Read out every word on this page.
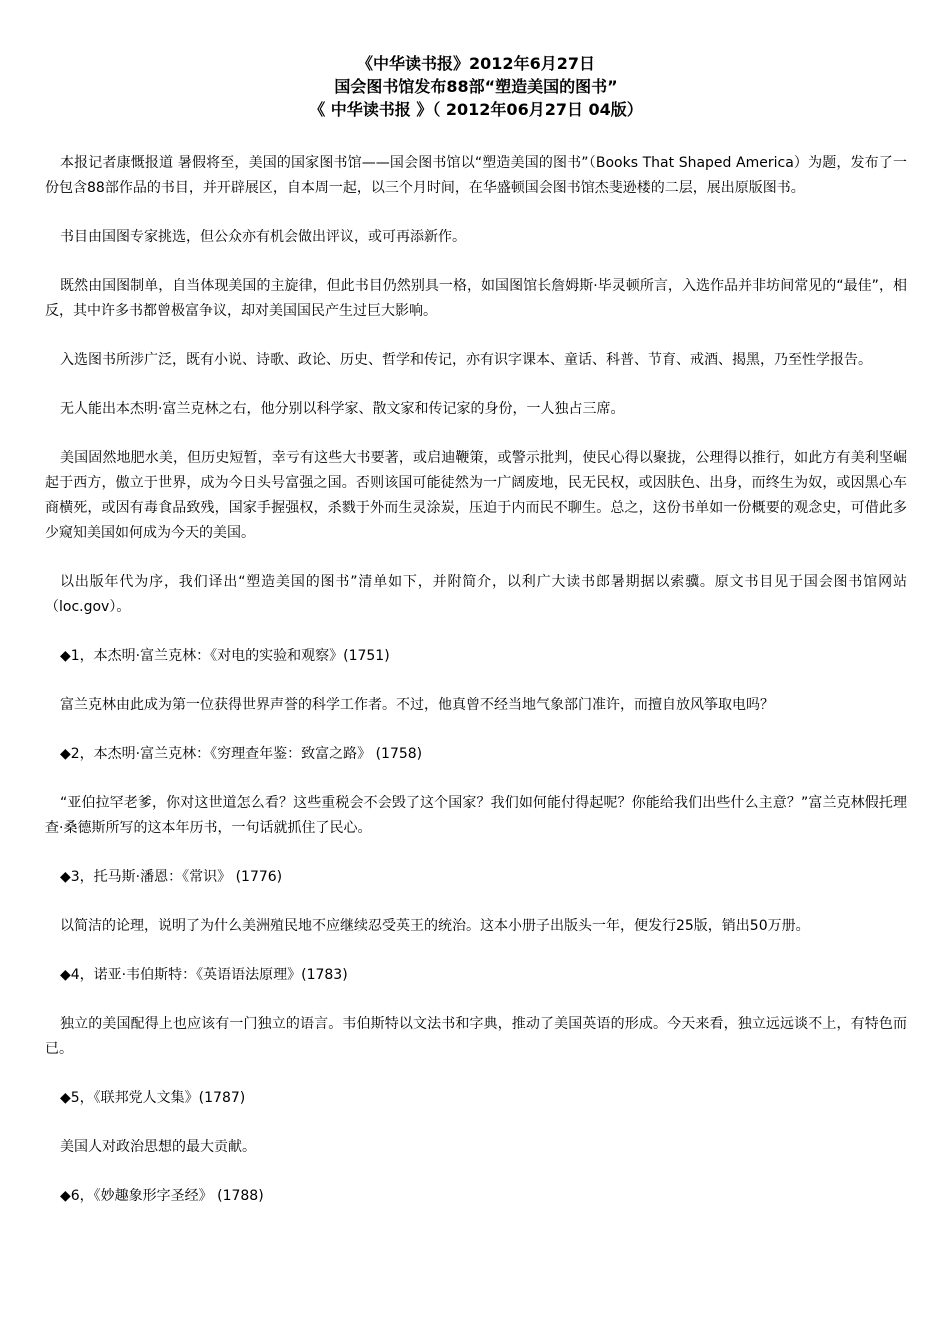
《中华读书报》2012年6月27日

国会图书馆发布88部“塑造美国的图书”

《 中华读书报 》（ 2012年06月27日 04版）

本报记者康慨报道 暑假将至，美国的国家图书馆——国会图书馆以“塑造美国的图书”（Books That Shaped America）为题，发布了一份包含88部作品的书目，并开辟展区，自本周一起，以三个月时间，在华盛顿国会图书馆杰斐逊楼的二层，展出原版图书。

书目由国图专家挑选，但公众亦有机会做出评议，或可再添新作。

既然由国图制单，自当体现美国的主旋律，但此书目仍然别具一格，如国图馆长詹姆斯·毕灵顿所言，入选作品并非坊间常见的“最佳”，相反，其中许多书都曾极富争议，却对美国国民产生过巨大影响。

入选图书所涉广泛，既有小说、诗歌、政论、历史、哲学和传记，亦有识字课本、童话、科普、节育、戒酒、揭黑，乃至性学报告。

无人能出本杰明·富兰克林之右，他分别以科学家、散文家和传记家的身份，一人独占三席。

美国固然地肥水美，但历史短暂，幸亏有这些大书要著，或启迪鞭策，或警示批判，使民心得以聚拢，公理得以推行，如此方有美利坚崛起于西方，傲立于世界，成为今日头号富强之国。否则该国可能徒然为一广阔废地，民无民权，或因肤色、出身，而终生为奴，或因黑心车商横死，或因有毒食品致残，国家手握强权，杀戮于外而生灵涂炭，压迫于内而民不聊生。总之，这份书单如一份概要的观念史，可借此多少窥知美国如何成为今天的美国。

以出版年代为序，我们译出“塑造美国的图书”清单如下，并附简介，以利广大读书郎暑期据以索骥。原文书目见于国会图书馆网站（loc.gov）。

◆1，本杰明·富兰克林：《对电的实验和观察》(1751)

富兰克林由此成为第一位获得世界声誉的科学工作者。不过，他真曾不经当地气象部门准许，而擅自放风筝取电吗？

◆2，本杰明·富兰克林：《穷理查年鉴：致富之路》 (1758)

“亚伯拉罕老爹，你对这世道怎么看？这些重税会不会毁了这个国家？我们如何能付得起呢？你能给我们出些什么主意？”富兰克林假托理查·桑德斯所写的这本年历书，一句话就抓住了民心。

◆3，托马斯·潘恩：《常识》 (1776)

以简洁的论理，说明了为什么美洲殖民地不应继续忍受英王的统治。这本小册子出版头一年，便发行25版，销出50万册。

◆4，诺亚·韦伯斯特：《英语语法原理》(1783)

独立的美国配得上也应该有一门独立的语言。韦伯斯特以文法书和字典，推动了美国英语的形成。今天来看，独立远远谈不上，有特色而已。

◆5，《联邦党人文集》(1787)

美国人对政治思想的最大贡献。

◆6，《妙趣象形字圣经》 (1788)
